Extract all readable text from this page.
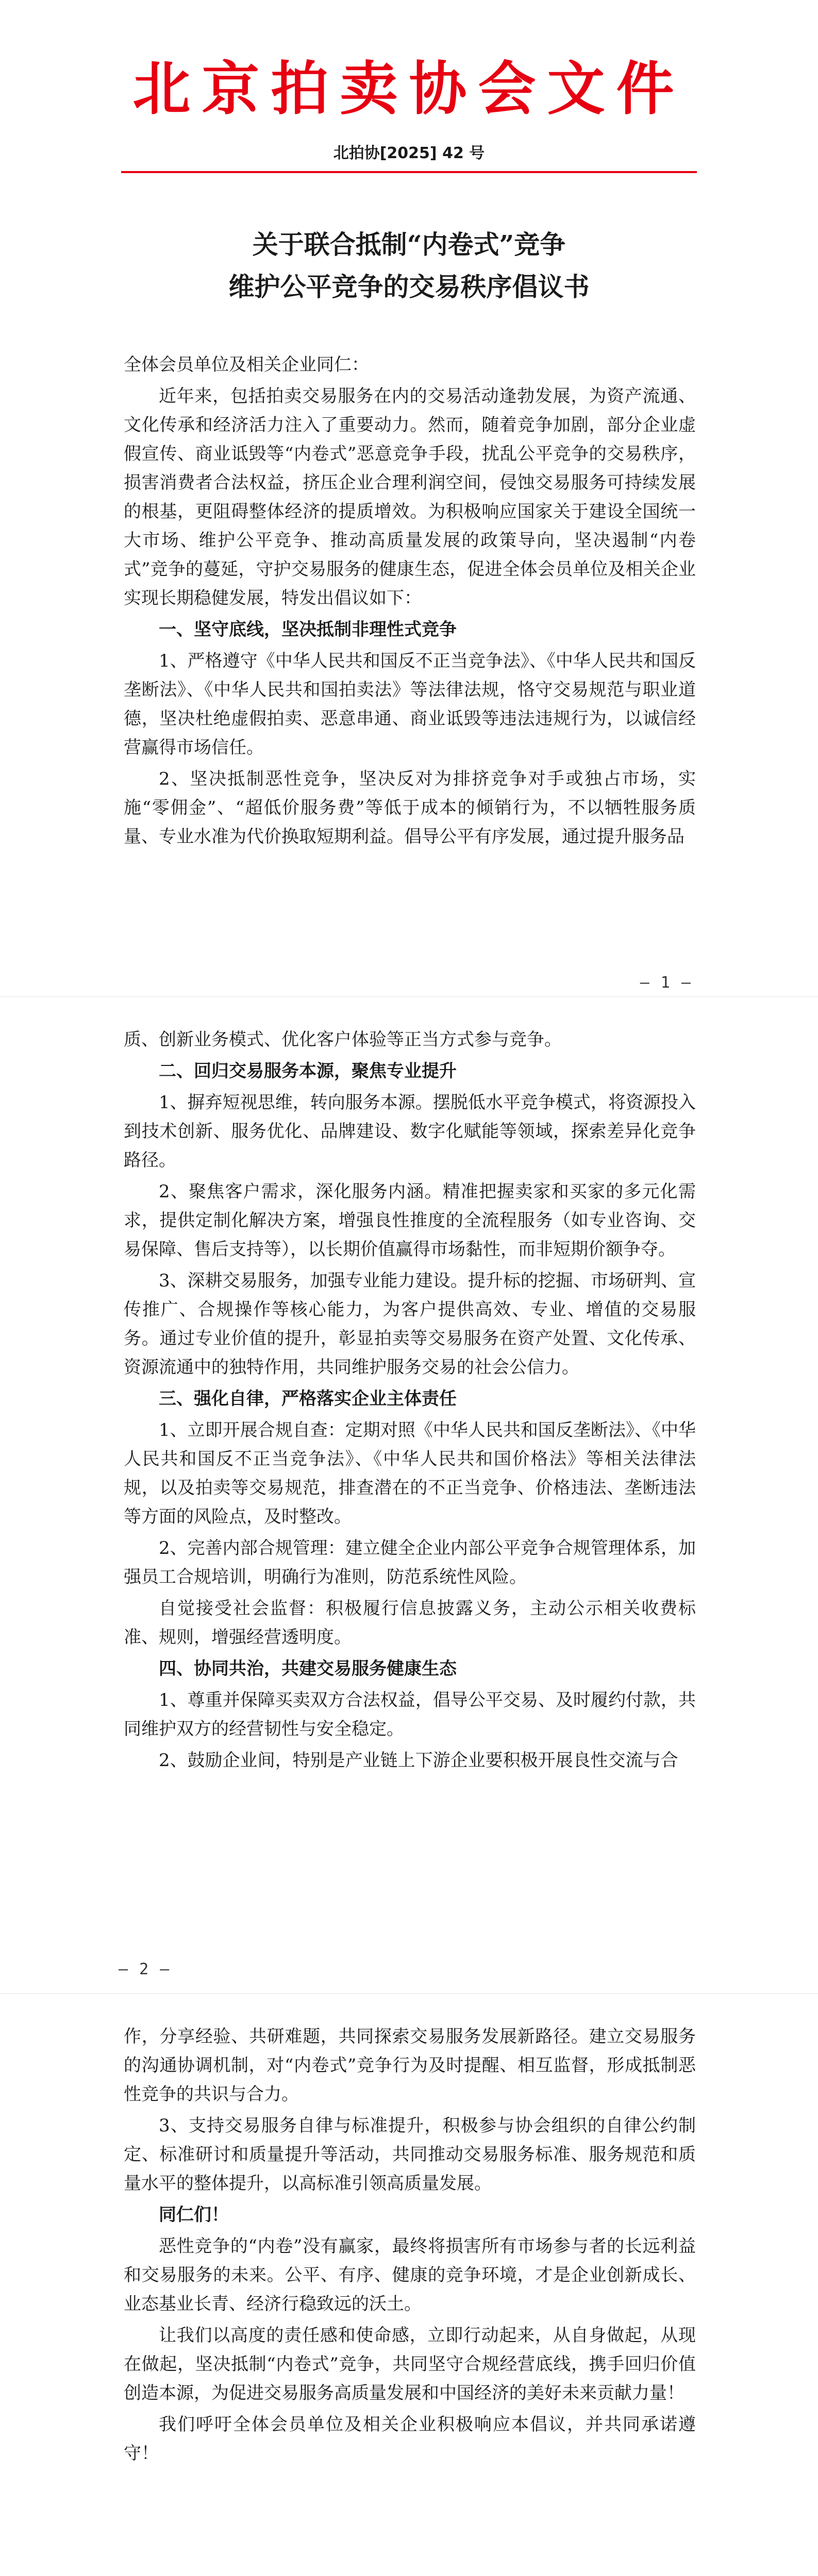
北京拍卖协会文件
北拍协[2025] 42 号
关于联合抵制“内卷式”竞争
维护公平竞争的交易秩序倡议书

全体会员单位及相关企业同仁：

近年来，包括拍卖交易服务在内的交易活动逢勃发展，为资产流通、文化传承和经济活力注入了重要动力。然而，随着竞争加剧，部分企业虚假宣传、商业诋毁等“内卷式”恶意竞争手段，扰乱公平竞争的交易秩序，损害消费者合法权益，挤压企业合理利润空间，侵蚀交易服务可持续发展的根基，更阻碍整体经济的提质增效。为积极响应国家关于建设全国统一大市场、维护公平竞争、推动高质量发展的政策导向，坚决遏制“内卷式”竞争的蔓延，守护交易服务的健康生态，促进全体会员单位及相关企业实现长期稳健发展，特发出倡议如下：

一、坚守底线，坚决抵制非理性式竞争

1、严格遵守《中华人民共和国反不正当竞争法》、《中华人民共和国反垄断法》、《中华人民共和国拍卖法》等法律法规，恪守交易规范与职业道德，坚决杜绝虚假拍卖、恶意串通、商业诋毁等违法违规行为，以诚信经营赢得市场信任。

2、坚决抵制恶性竞争，坚决反对为排挤竞争对手或独占市场，实施“零佣金”、“超低价服务费”等低于成本的倾销行为，不以牺牲服务质量、专业水准为代价换取短期利益。倡导公平有序发展，通过提升服务品

— 1 —

质、创新业务模式、优化客户体验等正当方式参与竞争。

二、回归交易服务本源，聚焦专业提升

1、摒弃短视思维，转向服务本源。摆脱低水平竞争模式，将资源投入到技术创新、服务优化、品牌建设、数字化赋能等领域，探索差异化竞争路径。

2、聚焦客户需求，深化服务内涵。精准把握卖家和买家的多元化需求，提供定制化解决方案，增强良性推度的全流程服务（如专业咨询、交易保障、售后支持等），以长期价值赢得市场黏性，而非短期价额争夺。

3、深耕交易服务，加强专业能力建设。提升标的挖掘、市场研判、宣传推广、合规操作等核心能力，为客户提供高效、专业、增值的交易服务。通过专业价值的提升，彰显拍卖等交易服务在资产处置、文化传承、资源流通中的独特作用，共同维护服务交易的社会公信力。

三、强化自律，严格落实企业主体责任

1、立即开展合规自查：定期对照《中华人民共和国反垄断法》、《中华人民共和国反不正当竞争法》、《中华人民共和国价格法》等相关法律法规，以及拍卖等交易规范，排查潜在的不正当竞争、价格违法、垄断违法等方面的风险点，及时整改。

2、完善内部合规管理：建立健全企业内部公平竞争合规管理体系，加强员工合规培训，明确行为准则，防范系统性风险。

自觉接受社会监督：积极履行信息披露义务，主动公示相关收费标准、规则，增强经营透明度。

四、协同共治，共建交易服务健康生态

1、尊重并保障买卖双方合法权益，倡导公平交易、及时履约付款，共同维护双方的经营韧性与安全稳定。

2、鼓励企业间，特别是产业链上下游企业要积极开展良性交流与合

— 2 —

作，分享经验、共研难题，共同探索交易服务发展新路径。建立交易服务的沟通协调机制，对“内卷式”竞争行为及时提醒、相互监督，形成抵制恶性竞争的共识与合力。

3、支持交易服务自律与标准提升，积极参与协会组织的自律公约制定、标准研讨和质量提升等活动，共同推动交易服务标准、服务规范和质量水平的整体提升，以高标准引领高质量发展。

同仁们！

恶性竞争的“内卷”没有赢家，最终将损害所有市场参与者的长远利益和交易服务的未来。公平、有序、健康的竞争环境，才是企业创新成长、业态基业长青、经济行稳致远的沃土。

让我们以高度的责任感和使命感，立即行动起来，从自身做起，从现在做起，坚决抵制“内卷式”竞争，共同坚守合规经营底线，携手回归价值创造本源，为促进交易服务高质量发展和中国经济的美好未来贡献力量！

我们呼吁全体会员单位及相关企业积极响应本倡议，并共同承诺遵守！
